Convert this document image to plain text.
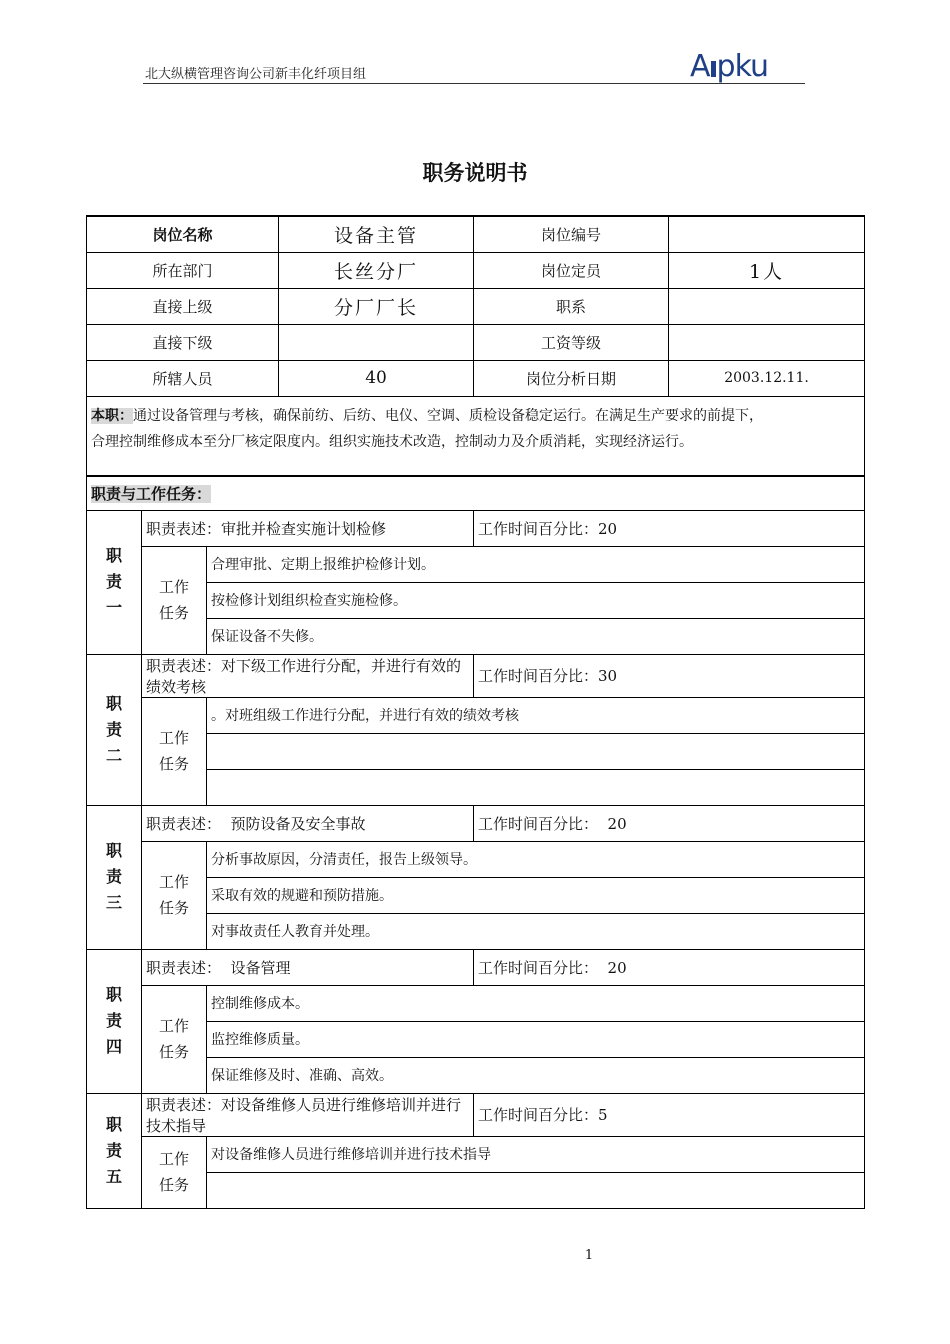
北大纵横管理咨询公司新丰化纤项目组	A pku
职务说明书
岗位名称			设备主管	岗位编号	
所在部门			长丝分厂	岗位定员	1人
直接上级			分厂厂长	职系	
直接下级				工资等级	
所辖人员			40	岗位分析日期	2003.12.11.
本职：通过设备管理与考核，确保前纺、后纺、电仪、空调、质检设备稳定运行。在满足生产要求的前提下，
合理控制维修成本至分厂核定限度内。组织实施技术改造，控制动力及介质消耗，实现经济运行。					
职责与工作任务：					
职
责
一	职责表述：审批并检查实施计划检修			工作时间百分比：20	

	工作
任务	合理审批、定期上报维护检修计划。			
		按检修计划组织检查实施检修。			
		保证设备不失修。			
职
责
二	职责表述：对下级工作进行分配，并进行有效的绩效考核			工作时间百分比：30	
	工作
任务	。对班组级工作进行分配，并进行有效的绩效考核			

职
责
三	职责表述：  预防设备及安全事故			工作时间百分比：  20	
	工作
任务	分析事故原因，分清责任，报告上级领导。			
		采取有效的规避和预防措施。			
		对事故责任人教育并处理。			
职
责
四	职责表述：  设备管理			工作时间百分比：  20	
	工作
任务	控制维修成本。			
		监控维修质量。			
		保证维修及时、准确、高效。			
职
责
五	职责表述：对设备维修人员进行维修培训并进行技术指导			工作时间百分比：5	
	工作
任务	对设备维修人员进行维修培训并进行技术指导			

1
